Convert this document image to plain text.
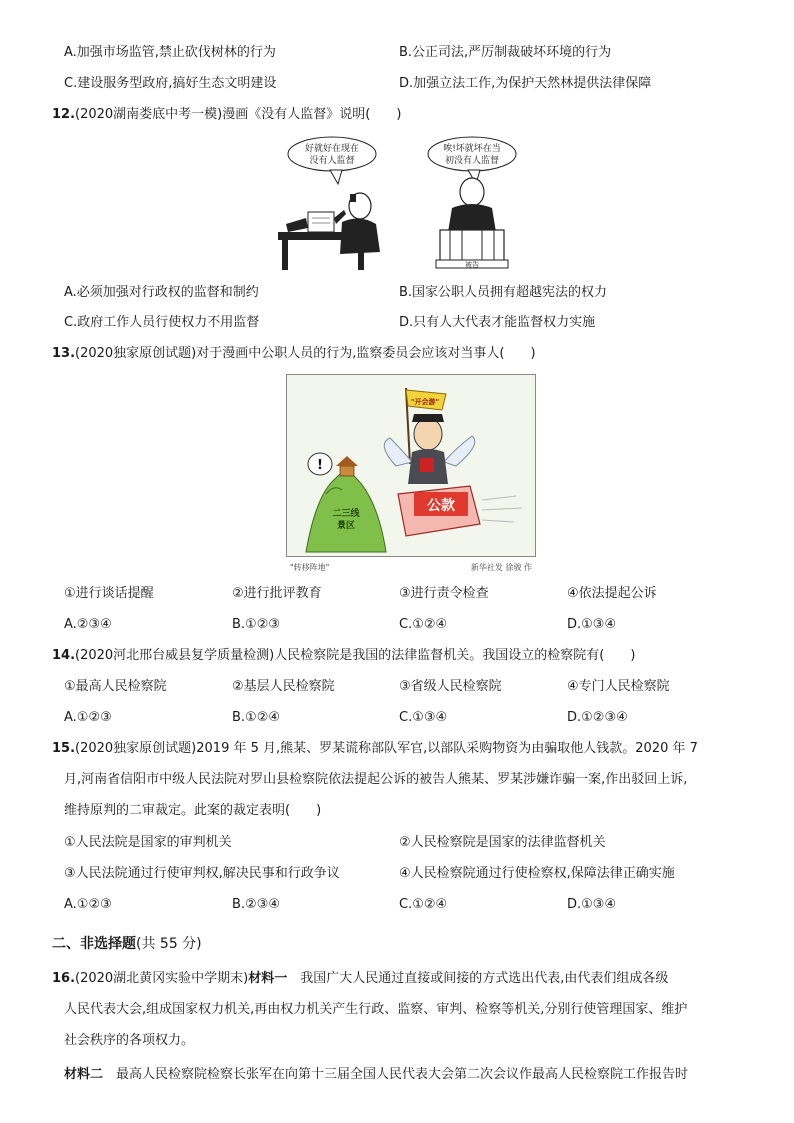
A.加强市场监管,禁止砍伐树林的行为	B.公正司法,严厉制裁破坏环境的行为
C.建设服务型政府,搞好生态文明建设	D.加强立法工作,为保护天然林提供法律保障
12.(2020湖南娄底中考一模)漫画《没有人监督》说明(　　)
好就好在现在
没有人监督
唉!坏就坏在当
初没有人监督
被告
A.必须加强对行政权的监督和制约	B.国家公职人员拥有超越宪法的权力
C.政府工作人员行使权力不用监督	D.只有人大代表才能监督权力实施
13.(2020独家原创试题)对于漫画中公职人员的行为,监察委员会应该对当事人(　　)
二三线
景区
!
"开会游"
公款
"转移阵地"	新华社发 徐骏 作
①进行谈话提醒	②进行批评教育	③进行责令检查	④依法提起公诉
A.②③④	B.①②③	C.①②④	D.①③④
14.(2020河北邢台威县复学质量检测)人民检察院是我国的法律监督机关。我国设立的检察院有(　　)
①最高人民检察院	②基层人民检察院	③省级人民检察院	④专门人民检察院
A.①②③	B.①②④	C.①③④	D.①②③④
15.(2020独家原创试题)2019 年 5 月,熊某、罗某谎称部队军官,以部队采购物资为由骗取他人钱款。2020 年 7
月,河南省信阳市中级人民法院对罗山县检察院依法提起公诉的被告人熊某、罗某涉嫌诈骗一案,作出驳回上诉,
维持原判的二审裁定。此案的裁定表明(　　)
①人民法院是国家的审判机关	②人民检察院是国家的法律监督机关
③人民法院通过行使审判权,解决民事和行政争议	④人民检察院通过行使检察权,保障法律正确实施
A.①②③	B.②③④	C.①②④	D.①③④
二、非选择题(共 55 分)
16.(2020湖北黄冈实验中学期末)材料一　我国广大人民通过直接或间接的方式选出代表,由代表们组成各级
人民代表大会,组成国家权力机关,再由权力机关产生行政、监察、审判、检察等机关,分别行使管理国家、维护
社会秩序的各项权力。
材料二　最高人民检察院检察长张军在向第十三届全国人民代表大会第二次会议作最高人民检察院工作报告时
